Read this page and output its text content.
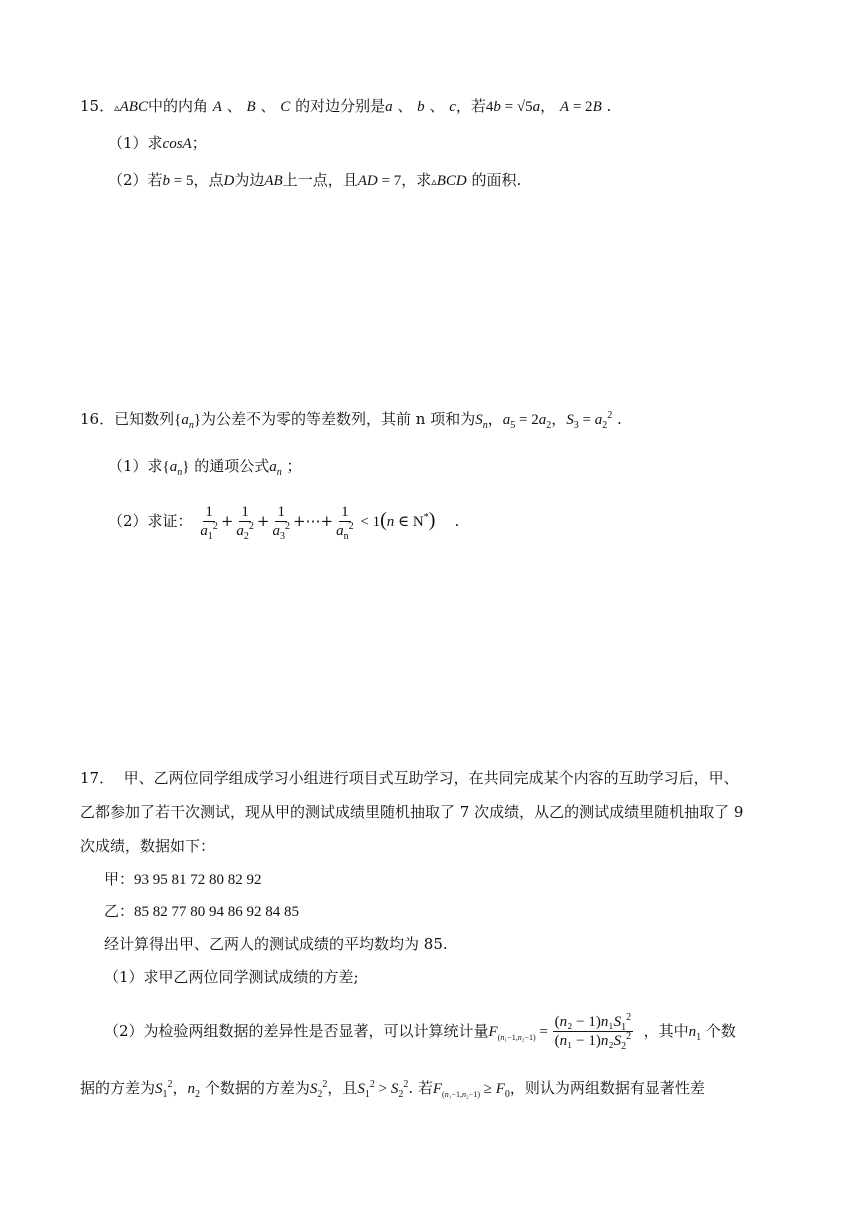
15．▵ABC中的内角 A 、 B 、 C 的对边分别是a 、 b 、 c，若4b = √5a， A = 2B .
（1）求cosA；
（2）若b = 5，点D为边AB上一点，且AD = 7，求▵BCD 的面积.
16．已知数列$\{a_n\}$为公差不为零的等差数列，其前 n 项和为$S_n$，$a_5 = 2a_2$，$S_3 = a_2^2$ .
（1）求$\{a_n\}$ 的通项公式$a_n$ ；
（2）求证： $\frac{1}{a_1^2} + \frac{1}{a_2^2} + \frac{1}{a_3^2}$ +⋯+ $\frac{1}{a_n^2} < 1(n$ ∈ N*) .
17． 甲、乙两位同学组成学习小组进行项目式互助学习，在共同完成某个内容的互助学习后，甲、
乙都参加了若干次测试，现从甲的测试成绩里随机抽取了 7 次成绩，从乙的测试成绩里随机抽取了 9
次成绩，数据如下：
甲：93 95 81 72 80 82 92
乙：85 82 77 80 94 86 92 84 85
经计算得出甲、乙两人的测试成绩的平均数均为 85.
（1）求甲乙两位同学测试成绩的方差;
（2）为检验两组数据的差异性是否显著，可以计算统计量$F_{(n_1-1,n_2-1)} = \frac{(n_2 - 1)n_1S_1^2}{(n_1 - 1)n_2S_2^2}$ ，其中$n_1$ 个数
据的方差为$S_1^2$，$n_2$ 个数据的方差为$S_2^2$，且$S_1^2 > S_2^2$. 若$F_{(n_1-1,n_2-1)} \ge F_0$，则认为两组数据有显著性差
